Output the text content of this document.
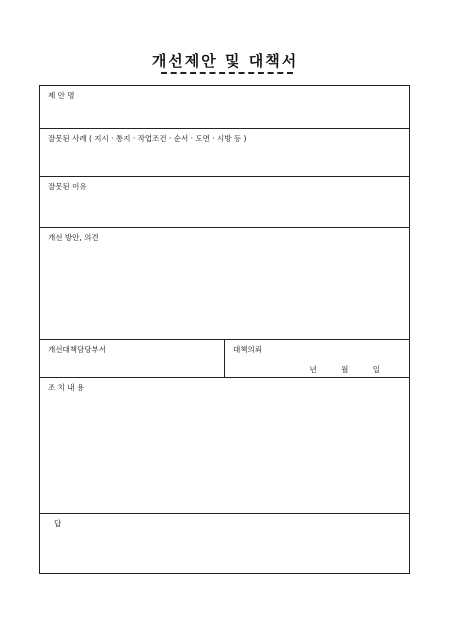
개선제안 및 대책서
제 안 명
잘못된 사례 ( 지시 · 통지 · 작업조건 · 순서 · 도면 · 시방 등 )
잘못된 이유
개선 방안, 의견
개선대책담당부서	대책의뢰
년 월 일
조 치 내 용
답
